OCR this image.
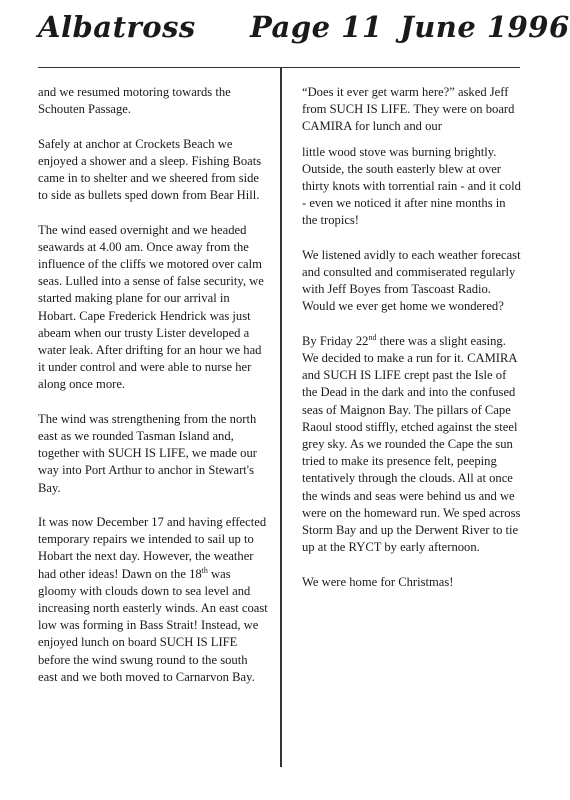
Albatross Page 11 June 1996

and we resumed motoring towards the Schouten Passage.

Safely at anchor at Crockets Beach we enjoyed a shower and a sleep. Fishing Boats came in to shelter and we sheered from side to side as bullets sped down from Bear Hill.

The wind eased overnight and we headed seawards at 4.00 am. Once away from the influence of the cliffs we motored over calm seas. Lulled into a sense of false security, we started making plane for our arrival in Hobart. Cape Frederick Hendrick was just abeam when our trusty Lister developed a water leak. After drifting for an hour we had it under control and were able to nurse her along once more.

The wind was strengthening from the north east as we rounded Tasman Island and, together with SUCH IS LIFE, we made our way into Port Arthur to anchor in Stewart's Bay.

It was now December 17 and having effected temporary repairs we intended to sail up to Hobart the next day. However, the weather had other ideas! Dawn on the 18th was gloomy with clouds down to sea level and increasing north easterly winds. An east coast low was forming in Bass Strait! Instead, we enjoyed lunch on board SUCH IS LIFE before the wind swung round to the south east and we both moved to Carnarvon Bay.

“Does it ever get warm here?” asked Jeff from SUCH IS LIFE. They were on board CAMIRA for lunch and our

little wood stove was burning brightly. Outside, the south easterly blew at over thirty knots with torrential rain - and it cold - even we noticed it after nine months in the tropics!

We listened avidly to each weather forecast and consulted and commiserated regularly with Jeff Boyes from Tascoast Radio. Would we ever get home we wondered?

By Friday 22nd there was a slight easing. We decided to make a run for it. CAMIRA and SUCH IS LIFE crept past the Isle of the Dead in the dark and into the confused seas of Maignon Bay. The pillars of Cape Raoul stood stiffly, etched against the steel grey sky. As we rounded the Cape the sun tried to make its presence felt, peeping tentatively through the clouds. All at once the winds and seas were behind us and we were on the homeward run. We sped across Storm Bay and up the Derwent River to tie up at the RYCT by early afternoon.

We were home for Christmas!
